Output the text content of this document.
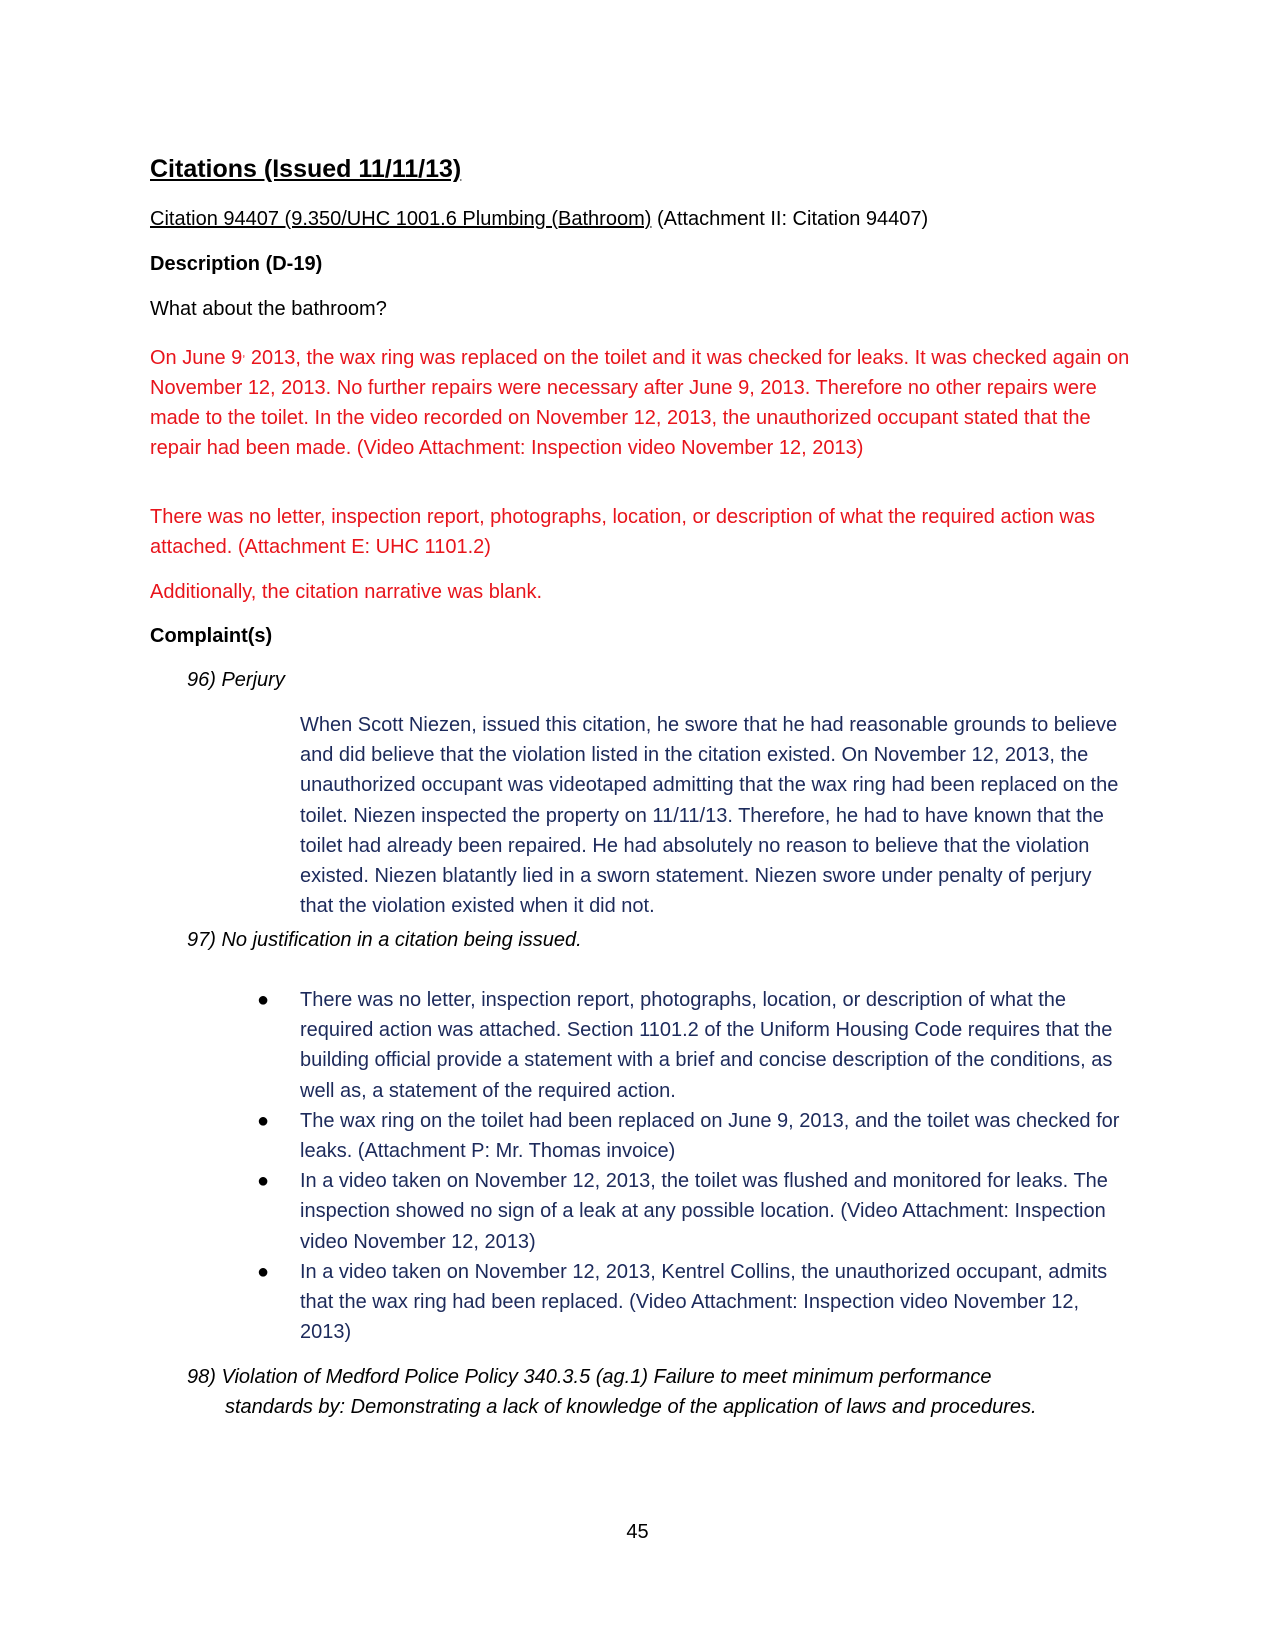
Citations (Issued 11/11/13)
Citation 94407 (9.350/UHC 1001.6 Plumbing (Bathroom) (Attachment II: Citation 94407)
Description (D-19)
What about the bathroom?
On June 9, 2013, the wax ring was replaced on the toilet and it was checked for leaks. It was checked again on November 12, 2013. No further repairs were necessary after June 9, 2013. Therefore no other repairs were made to the toilet. In the video recorded on November 12, 2013, the unauthorized occupant stated that the repair had been made. (Video Attachment: Inspection video November 12, 2013)
There was no letter, inspection report, photographs, location, or description of what the required action was attached. (Attachment E: UHC 1101.2)
Additionally, the citation narrative was blank.
Complaint(s)
96) Perjury
When Scott Niezen, issued this citation, he swore that he had reasonable grounds to believe and did believe that the violation listed in the citation existed. On November 12, 2013, the unauthorized occupant was videotaped admitting that the wax ring had been replaced on the toilet. Niezen inspected the property on 11/11/13. Therefore, he had to have known that the toilet had already been repaired. He had absolutely no reason to believe that the violation existed. Niezen blatantly lied in a sworn statement. Niezen swore under penalty of perjury that the violation existed when it did not.
97) No justification in a citation being issued.
● There was no letter, inspection report, photographs, location, or description of what the required action was attached. Section 1101.2 of the Uniform Housing Code requires that the building official provide a statement with a brief and concise description of the conditions, as well as, a statement of the required action.
● The wax ring on the toilet had been replaced on June 9, 2013, and the toilet was checked for leaks. (Attachment P: Mr. Thomas invoice)
● In a video taken on November 12, 2013, the toilet was flushed and monitored for leaks. The inspection showed no sign of a leak at any possible location. (Video Attachment: Inspection video November 12, 2013)
● In a video taken on November 12, 2013, Kentrel Collins, the unauthorized occupant, admits that the wax ring had been replaced. (Video Attachment: Inspection video November 12, 2013)
98) Violation of Medford Police Policy 340.3.5 (ag.1) Failure to meet minimum performance
standards by: Demonstrating a lack of knowledge of the application of laws and procedures.
45
